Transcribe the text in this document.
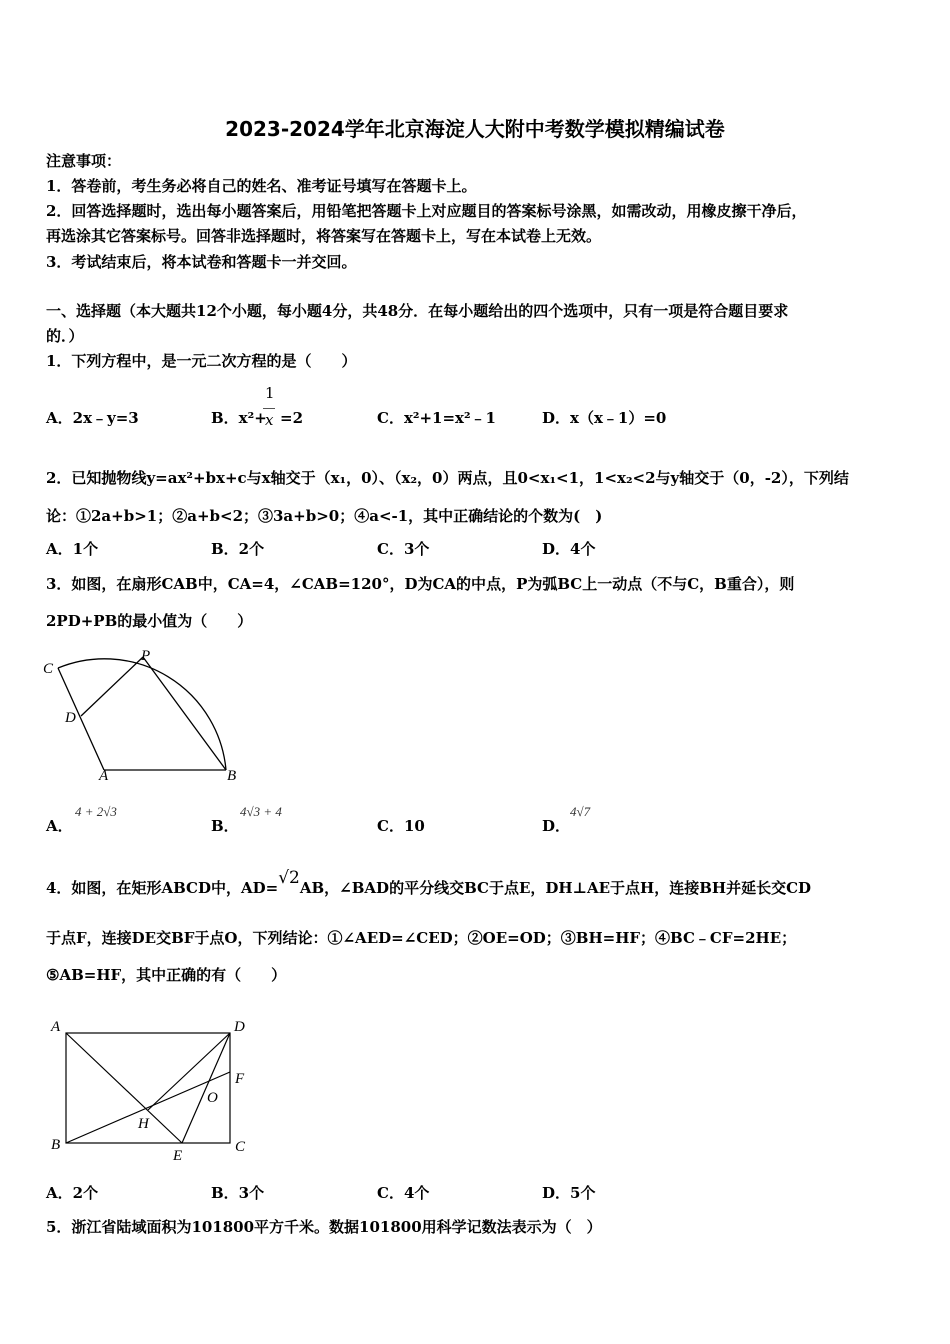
2023-2024学年北京海淀人大附中考数学模拟精编试卷
注意事项：
1．答卷前，考生务必将自己的姓名、准考证号填写在答题卡上。
2．回答选择题时，选出每小题答案后，用铅笔把答题卡上对应题目的答案标号涂黑，如需改动，用橡皮擦干净后，
再选涂其它答案标号。回答非选择题时，将答案写在答题卡上，写在本试卷上无效。
3．考试结束后，将本试卷和答题卡一并交回。
一、选择题（本大题共12个小题，每小题4分，共48分．在每小题给出的四个选项中，只有一项是符合题目要求
的．）
1．下列方程中，是一元二次方程的是（　　）
A．2x﹣y=3	B．x²+
1
x =2	C．x²+1=x²﹣1	D．x（x﹣1）=0
2．已知抛物线y=ax²+bx+c与x轴交于（x₁，0）、（x₂，0）两点，且0<x₁<1，1<x₂<2与y轴交于（0，-2），下列结
论：①2a+b>1；②a+b<2；③3a+b>0；④a<-1，其中正确结论的个数为(　)
A．1个	B．2个	C．3个	D．4个
3．如图，在扇形CAB中，CA=4，∠CAB=120°，D为CA的中点，P为弧BC上一动点（不与C，B重合），则
2PD+PB的最小值为（　　）
C
P
D
A	B
A．
4 + 2√3
B．
4√3 + 4
C．10	D．
4√7
4．如图，在矩形ABCD中，AD=√2AB，∠BAD的平分线交BC于点E，DH⊥AE于点H，连接BH并延长交CD
于点F，连接DE交BF于点O，下列结论：①∠AED=∠CED；②OE=OD；③BH=HF；④BC﹣CF=2HE；
⑤AB=HF，其中正确的有（　　）
A	D
F
O
B
H
E
C
A．2个	B．3个	C．4个	D．5个
5．浙江省陆域面积为101800平方千米。数据101800用科学记数法表示为（　）
